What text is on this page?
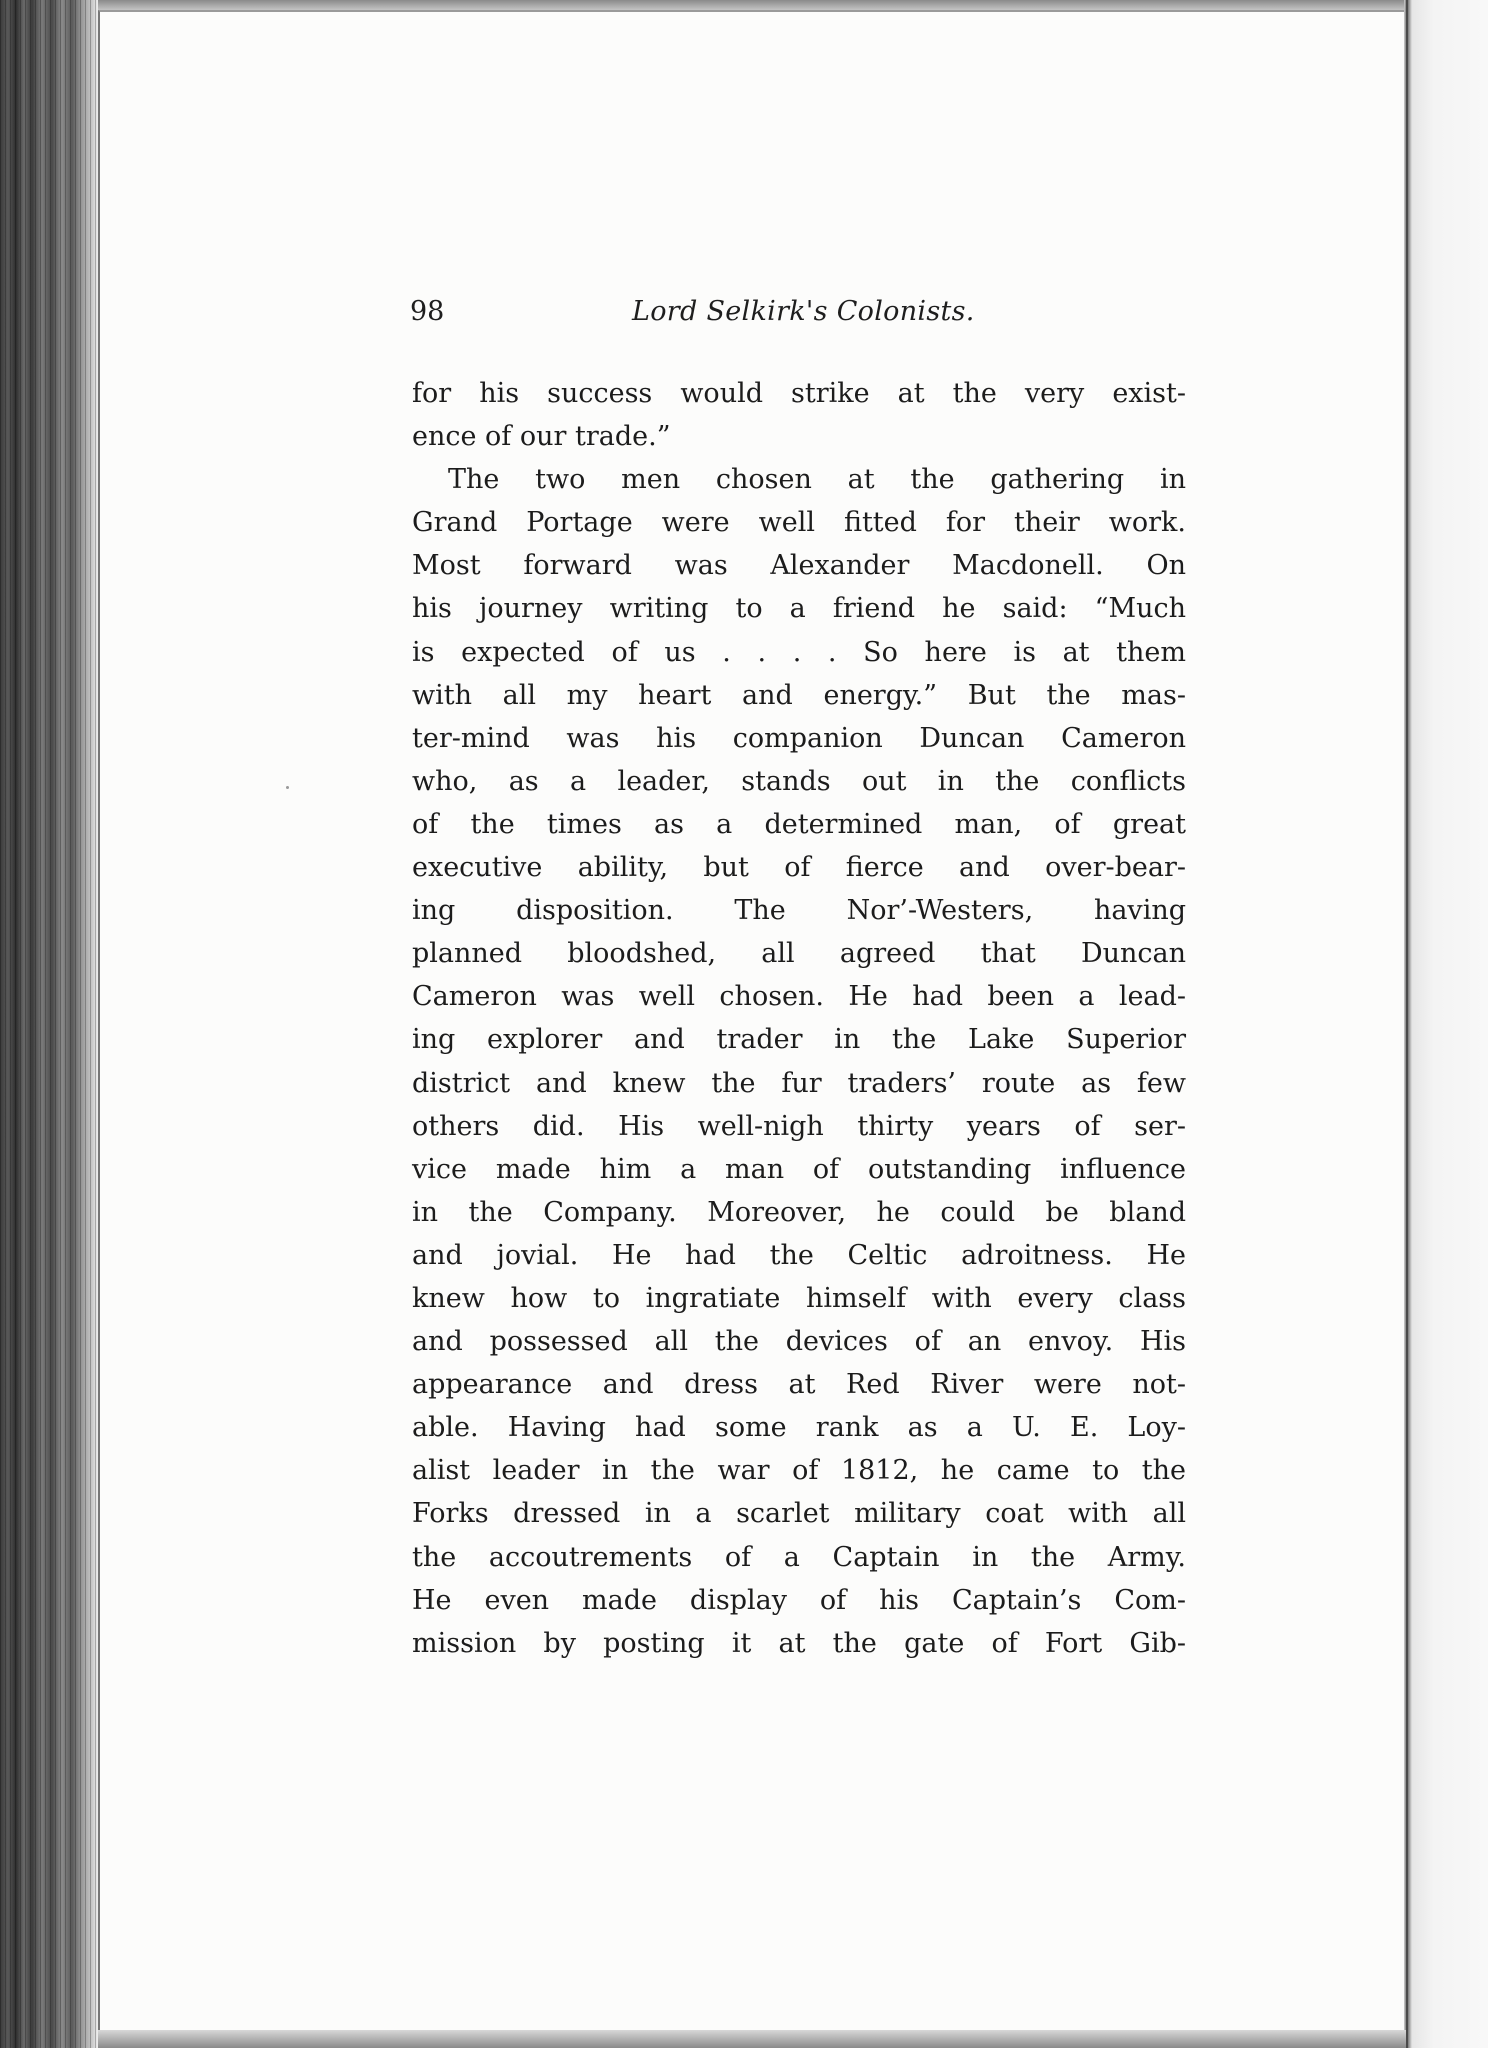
98	Lord Selkirk's Colonists.
for his success would strike at the very exist-
ence of our trade.”
The two men chosen at the gathering in
Grand Portage were well fitted for their work.
Most forward was Alexander Macdonell. On
his journey writing to a friend he said: “Much
is expected of us . . . . So here is at them
with all my heart and energy.” But the mas-
ter-mind was his companion Duncan Cameron
who, as a leader, stands out in the conflicts
of the times as a determined man, of great
executive ability, but of fierce and over-bear-
ing disposition. The Nor’-Westers, having
planned bloodshed, all agreed that Duncan
Cameron was well chosen. He had been a lead-
ing explorer and trader in the Lake Superior
district and knew the fur traders’ route as few
others did. His well-nigh thirty years of ser-
vice made him a man of outstanding influence
in the Company. Moreover, he could be bland
and jovial. He had the Celtic adroitness. He
knew how to ingratiate himself with every class
and possessed all the devices of an envoy. His
appearance and dress at Red River were not-
able. Having had some rank as a U. E. Loy-
alist leader in the war of 1812, he came to the
Forks dressed in a scarlet military coat with all
the accoutrements of a Captain in the Army.
He even made display of his Captain’s Com-
mission by posting it at the gate of Fort Gib-
